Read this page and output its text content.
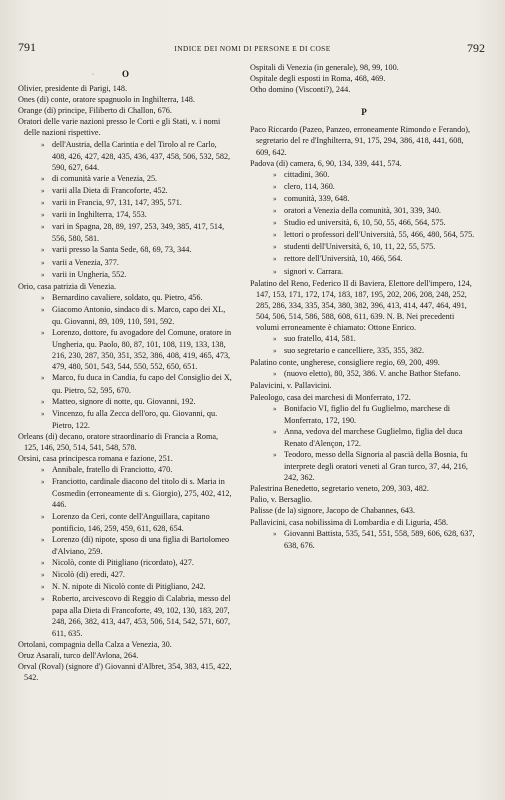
791	INDICE DEI NOMI DI PERSONE E DI COSE	792
◦	O

Olivier, presidente di Parigi, 148.

Ones (di) conte, oratore spagnuolo in Inghilterra, 148.

Orange (di) principe, Filiberto di Challon, 676.

Oratori delle varie nazioni presso le Corti e gli Stati, v. i nomi delle nazioni rispettive.

» dell'Austria, della Carintia e del Tirolo al re Carlo, 408, 426, 427, 428, 435, 436, 437, 458, 506, 532, 582, 590, 627, 644.

» di comunità varie a Venezia, 25.

» varii alla Dieta di Francoforte, 452.

» varii in Francia, 97, 131, 147, 395, 571.

» varii in Inghilterra, 174, 553.

» vari in Spagna, 28, 89, 197, 253, 349, 385, 417, 514, 556, 580, 581.

» varii presso la Santa Sede, 68, 69, 73, 344.

» varii a Venezia, 377.

» varii in Ungheria, 552.

Orio, casa patrizia di Venezia.

» Bernardino cavaliere, soldato, qu. Pietro, 456.

» Giacomo Antonio, sindaco di s. Marco, capo dei XL, qu. Giovanni, 89, 109, 110, 591, 592.

» Lorenzo, dottore, fu avogadore del Comune, oratore in Ungheria, qu. Paolo, 80, 87, 101, 108, 119, 133, 138, 216, 230, 287, 350, 351, 352, 386, 408, 419, 465, 473, 479, 480, 501, 543, 544, 550, 552, 650, 651.

» Marco, fu duca in Candia, fu capo del Consiglio dei X, qu. Pietro, 52, 595, 670.

» Matteo, signore di notte, qu. Giovanni, 192.

» Vincenzo, fu alla Zecca dell'oro, qu. Giovanni, qu. Pietro, 122.

Orleans (di) decano, oratore straordinario di Francia a Roma, 125, 146, 250, 514, 541, 548, 578.

Orsini, casa principesca romana e fazione, 251.

» Annibale, fratello di Franciotto, 470.

» Franciotto, cardinale diacono del titolo di s. Maria in Cosmedin (erroneamente di s. Giorgio), 275, 402, 412, 446.

» Lorenzo da Ceri, conte dell'Anguillara, capitano pontificio, 146, 259, 459, 611, 628, 654.

» Lorenzo (di) nipote, sposo di una figlia di Bartolomeo d'Alviano, 259.

» Nicolò, conte di Pitigliano (ricordato), 427.

» Nicolò (di) eredi, 427.

» N. N. nipote di Nicolò conte di Pitigliano, 242.

» Roberto, arcivescovo di Reggio di Calabria, messo del papa alla Dieta di Francoforte, 49, 102, 130, 183, 207, 248, 266, 382, 413, 447, 453, 506, 514, 542, 571, 607, 611, 635.

Ortolani, compagnia della Calza a Venezia, 30.

Oruz Asarali, turco dell'Avlona, 264.

Orval (Roval) (signore d') Giovanni d'Albret, 354, 383, 415, 422, 542.

Ospitali di Venezia (in generale), 98, 99, 100.

Ospitale degli esposti in Roma, 468, 469.

Otho domino (Visconti?), 244.

P

Paco Riccardo (Pazeo, Panzeo, erroneamente Rimondo e Ferando), segretario del re d'Inghilterra, 91, 175, 294, 386, 418, 441, 608, 609, 642.

Padova (di) camera, 6, 90, 134, 339, 441, 574.

» cittadini, 360.

» clero, 114, 360.

» comunità, 339, 648.

» oratori a Venezia della comunità, 301, 339, 340.

» Studio ed università, 6, 10, 50, 55, 466, 564, 575.

» lettori o professori dell'Università, 55, 466, 480, 564, 575.

» studenti dell'Università, 6, 10, 11, 22, 55, 575.

» rettore dell'Università, 10, 466, 564.

» signori v. Carrara.

Palatino del Reno, Federico II di Baviera, Elettore dell'impero, 124, 147, 153, 171, 172, 174, 183, 187, 195, 202, 206, 208, 248, 252, 285, 286, 334, 335, 354, 380, 382, 396, 413, 414, 447, 464, 491, 504, 506, 514, 586, 588, 608, 611, 639. N. B. Nei precedenti volumi erroneamente è chiamato: Ottone Enrico.

» suo fratello, 414, 581.

» suo segretario e cancelliere, 335, 355, 382.

Palatino conte, ungherese, consigliere regio, 69, 200, 499.

» (nuovo eletto), 80, 352, 386. V. anche Bathor Stefano.

Palavicini, v. Pallavicini.

Paleologo, casa dei marchesi di Monferrato, 172.

» Bonifacio VI, figlio del fu Guglielmo, marchese di Monferrato, 172, 190.

» Anna, vedova del marchese Guglielmo, figlia del duca Renato d'Alençon, 172.

» Teodoro, messo della Signoria al pascià della Bosnia, fu interprete degli oratori veneti al Gran turco, 37, 44, 216, 242, 362.

Palestrina Benedetto, segretario veneto, 209, 303, 482.

Palio, v. Bersaglio.

Palisse (de la) signore, Jacopo de Chabannes, 643.

Pallavicini, casa nobilissima di Lombardia e di Liguria, 458.

» Giovanni Battista, 535, 541, 551, 558, 589, 606, 628, 637, 638, 676.
